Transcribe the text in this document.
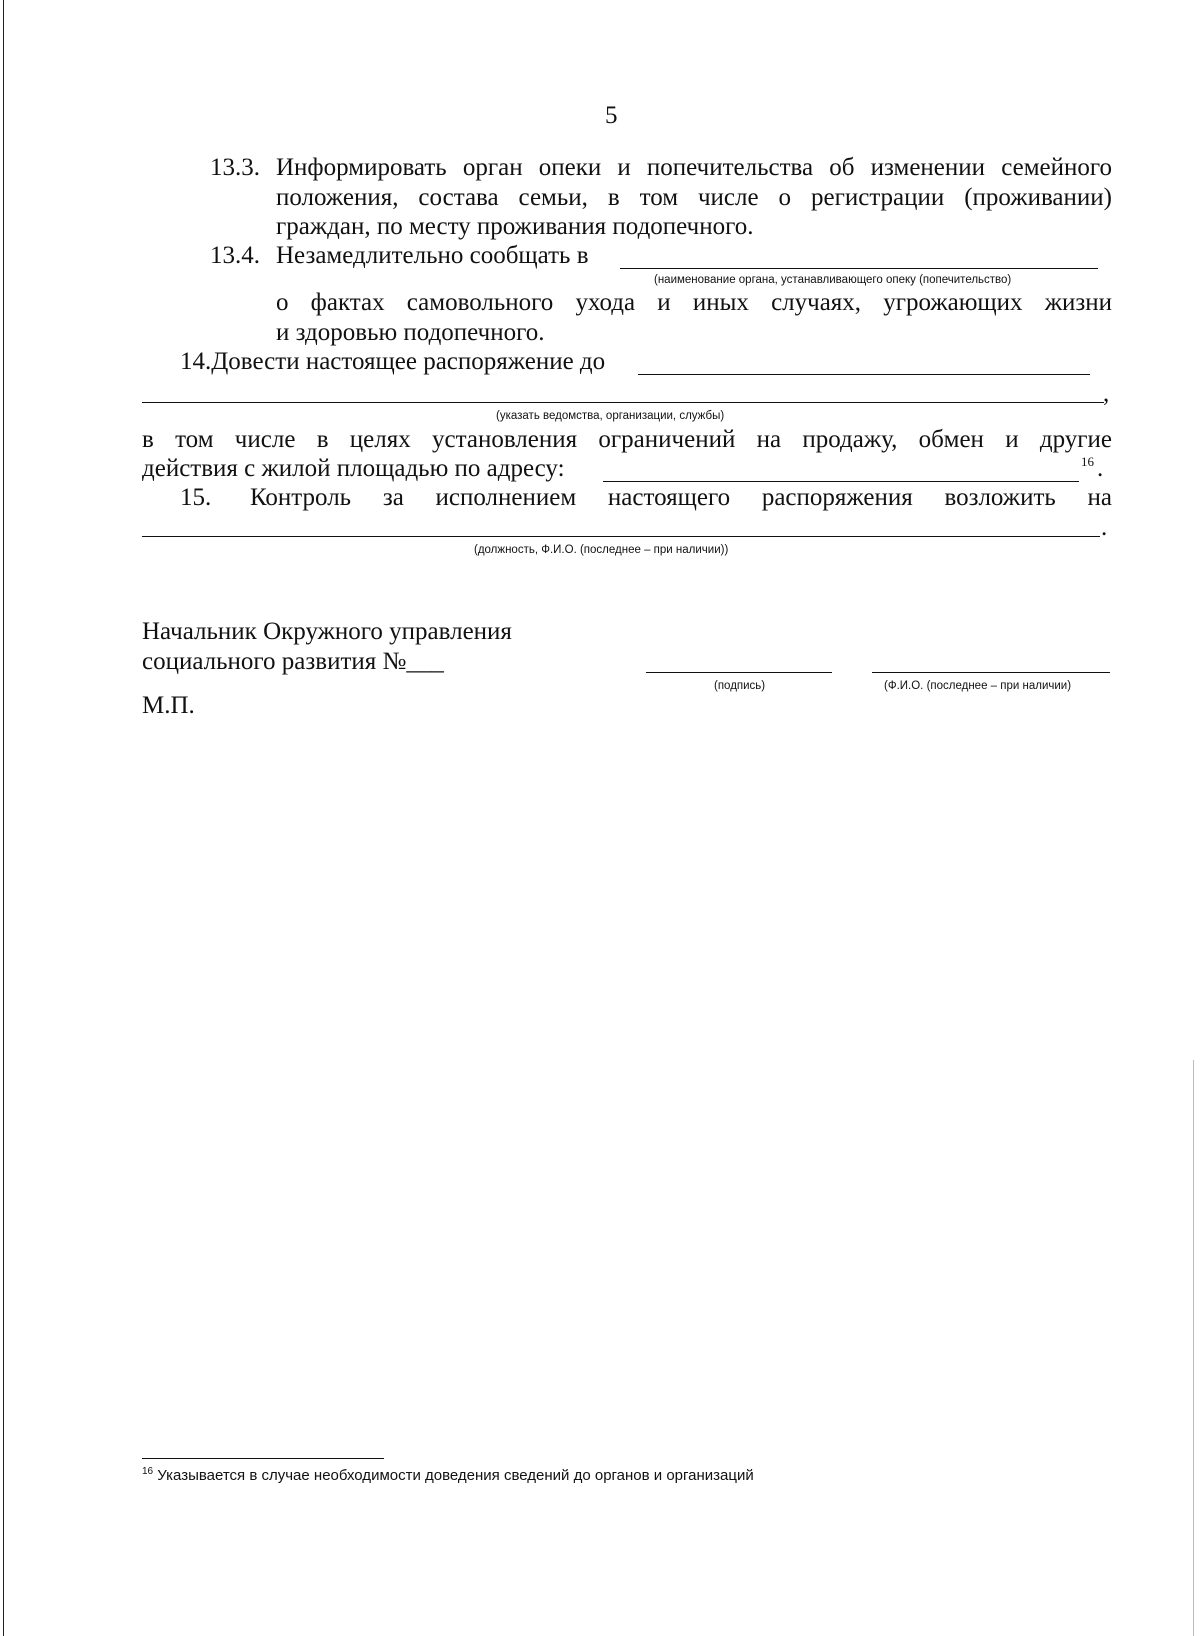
5
13.3. Информировать орган опеки и попечительства об изменении семейного
положения, состава семьи, в том числе о регистрации (проживании)
граждан, по месту проживания подопечного.
13.4. Незамедлительно сообщать в
(наименование органа, устанавливающего опеку (попечительство)
о фактах самовольного ухода и иных случаях, угрожающих жизни
и здоровью подопечного.
14.Довести настоящее распоряжение до
,
(указать ведомства, организации, службы)
в том числе в целях установления ограничений на продажу, обмен и другие
действия с жилой площадью по адресу:	16 .
15. Контроль за исполнением настоящего распоряжения возложить на
.
(должность, Ф.И.О. (последнее – при наличии))
Начальник Окружного управления
социального развития №___
(подпись)	(Ф.И.О. (последнее – при наличии)
М.П.
$^{16}$ Указывается в случае необходимости доведения сведений до органов и организаций
